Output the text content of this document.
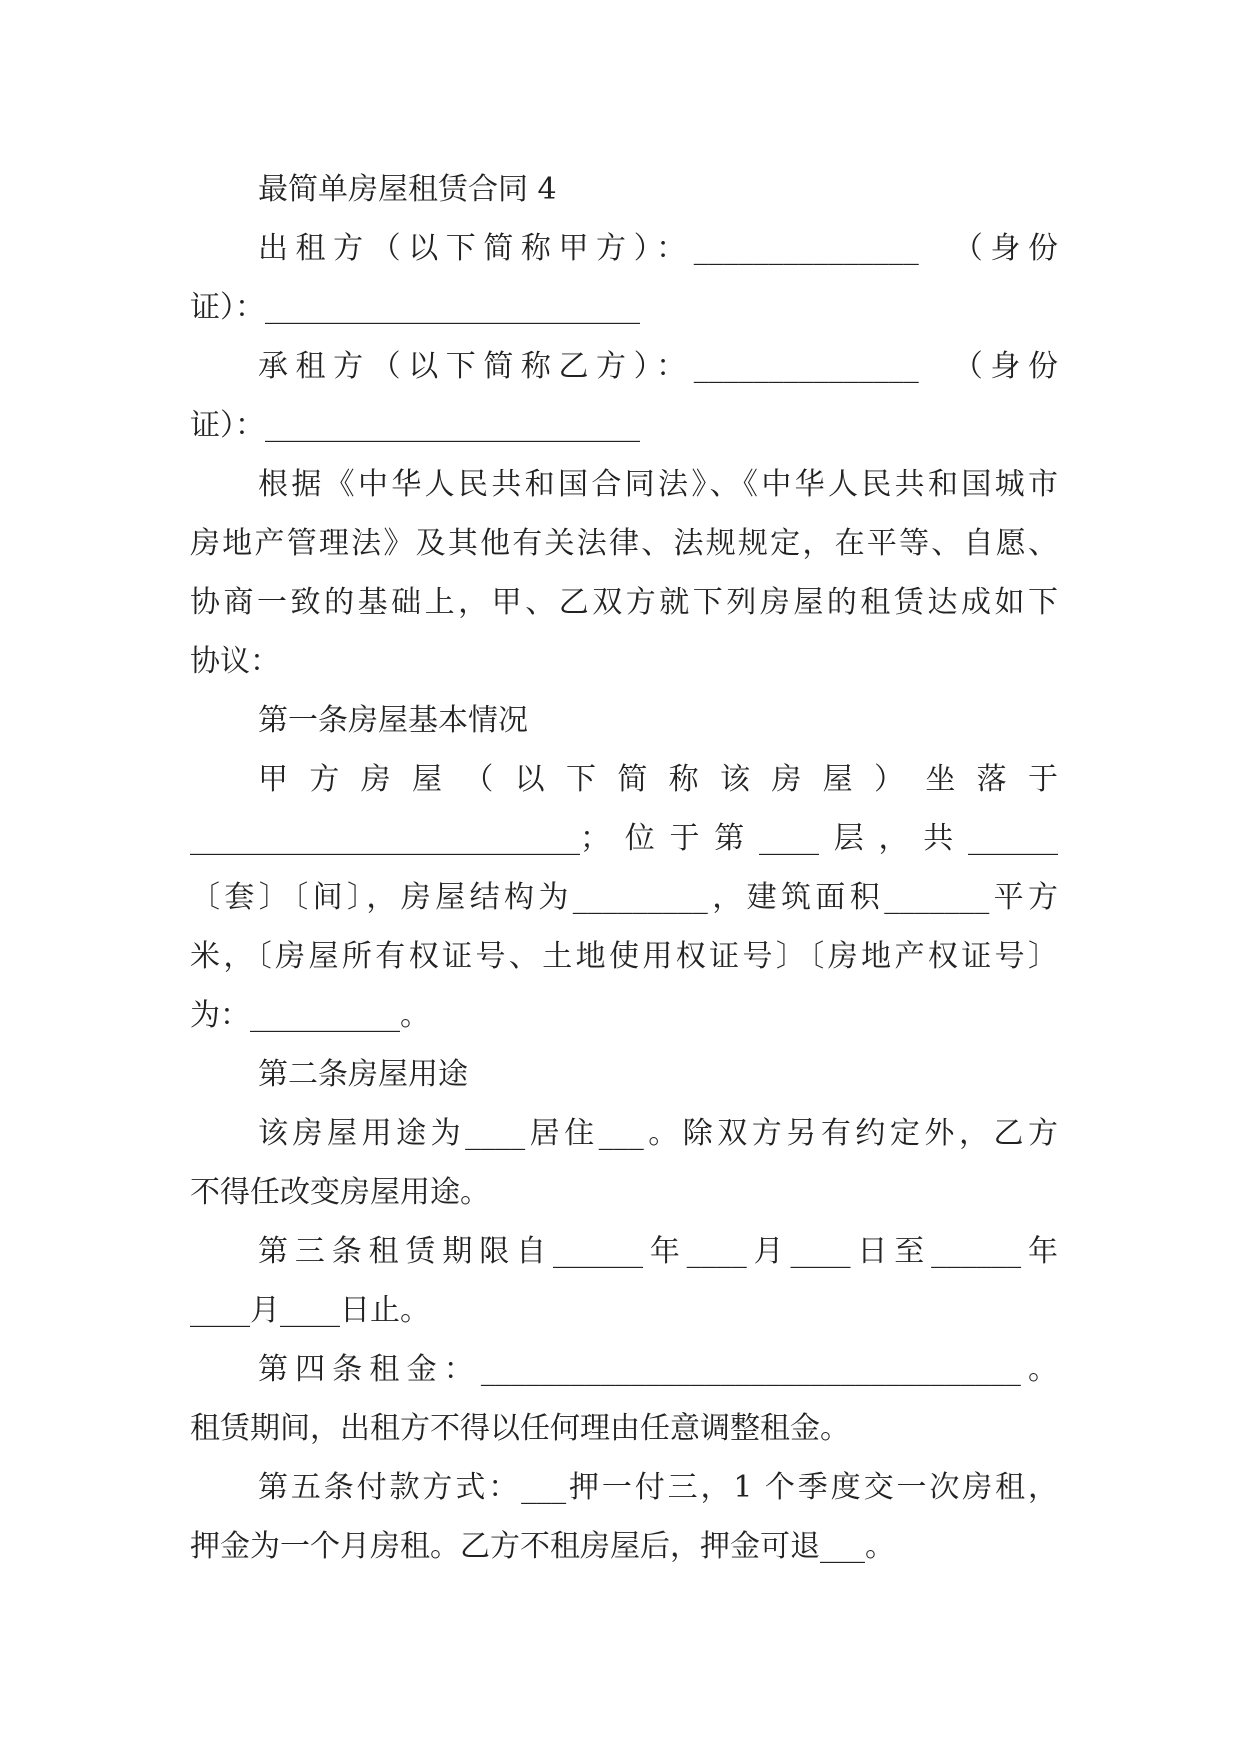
最简单房屋租赁合同 4
出租方（以下简称甲方）：_______________  （身份
证）：_________________________
承租方（以下简称乙方）：_______________  （身份
证）：_________________________
根据《中华人民共和国合同法》、《中华人民共和国城市
房地产管理法》及其他有关法律、法规规定，在平等、自愿、
协商一致的基础上，甲、乙双方就下列房屋的租赁达成如下
协议：
第一条房屋基本情况
甲方房屋（以下简称该房屋）坐落于
__________________________；位于第____层，共______
〔套〕〔间〕，房屋结构为_________，建筑面积_______平方
米，〔房屋所有权证号、土地使用权证号〕〔房地产权证号〕
为：__________。
第二条房屋用途
该房屋用途为____居住___。除双方另有约定外，乙方
不得任改变房屋用途。
第三条租赁期限自______年____月____日至______年
____月____日止。
第四条租金：____________________________________。
租赁期间，出租方不得以任何理由任意调整租金。
第五条付款方式：___押一付三，1 个季度交一次房租，
押金为一个月房租。乙方不租房屋后，押金可退___。
